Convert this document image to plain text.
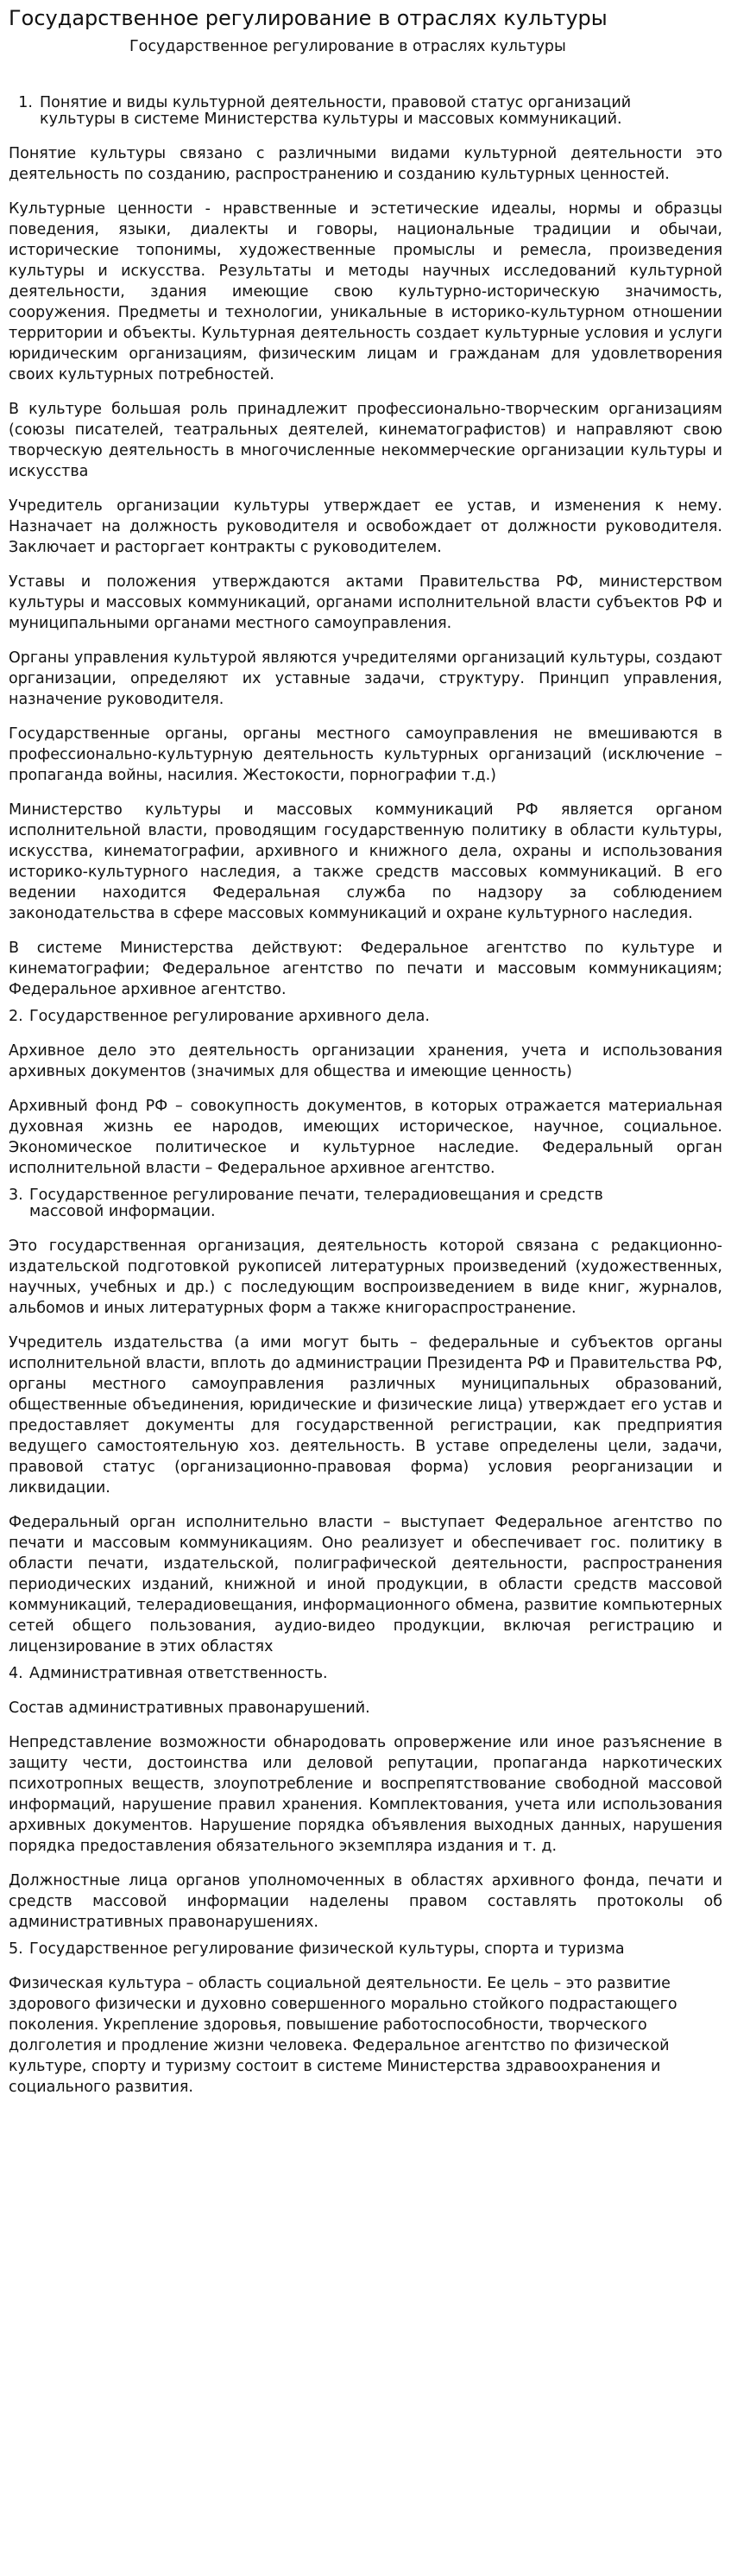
Государственное регулирование в отраслях культуры
Государственное регулирование в отраслях культуры
1. Понятие и виды культурной деятельности, правовой статус организаций культуры в системе Министерства культуры и массовых коммуникаций.

Понятие культуры связано с различными видами культурной деятельности это деятельность по созданию, распространению и созданию культурных ценностей.

Культурные ценности - нравственные и эстетические идеалы, нормы и образцы поведения, языки, диалекты и говоры, национальные традиции и обычаи, исторические топонимы, художественные промыслы и ремесла, произведения культуры и искусства. Результаты и методы научных исследований культурной деятельности, здания имеющие свою культурно-историческую значимость, сооружения. Предметы и технологии, уникальные в историко-культурном отношении территории и объекты. Культурная деятельность создает культурные условия и услуги юридическим организациям, физическим лицам и гражданам для удовлетворения своих культурных потребностей.

В культуре большая роль принадлежит профессионально-творческим организациям (союзы писателей, театральных деятелей, кинематографистов) и направляют свою творческую деятельность в многочисленные некоммерческие организации культуры и искусства

Учредитель организации культуры утверждает ее устав, и изменения к нему. Назначает на должность руководителя и освобождает от должности руководителя. Заключает и расторгает контракты с руководителем.

Уставы и положения утверждаются актами Правительства РФ, министерством культуры и массовых коммуникаций, органами исполнительной власти субъектов РФ и муниципальными органами местного самоуправления.

Органы управления культурой являются учредителями организаций культуры, создают организации, определяют их уставные задачи, структуру. Принцип управления, назначение руководителя.

Государственные органы, органы местного самоуправления не вмешиваются в профессионально-культурную деятельность культурных организаций (исключение – пропаганда войны, насилия. Жестокости, порнографии т.д.)

Министерство культуры и массовых коммуникаций РФ является органом исполнительной власти, проводящим государственную политику в области культуры, искусства, кинематографии, архивного и книжного дела, охраны и использования историко-культурного наследия, а также средств массовых коммуникаций. В его ведении находится Федеральная служба по надзору за соблюдением законодательства в сфере массовых коммуникаций и охране культурного наследия.

В системе Министерства действуют: Федеральное агентство по культуре и кинематографии; Федеральное агентство по печати и массовым коммуникациям; Федеральное архивное агентство.

2. Государственное регулирование архивного дела.

Архивное дело это деятельность организации хранения, учета и использования архивных документов (значимых для общества и имеющие ценность)

Архивный фонд РФ – совокупность документов, в которых отражается материальная духовная жизнь ее народов, имеющих историческое, научное, социальное. Экономическое политическое и культурное наследие. Федеральный орган исполнительной власти – Федеральное архивное агентство.

3. Государственное регулирование печати, телерадиовещания и средств массовой информации.

Это государственная организация, деятельность которой связана с редакционно-издательской подготовкой рукописей литературных произведений (художественных, научных, учебных и др.) с последующим воспроизведением в виде книг, журналов, альбомов и иных литературных форм а также книгораспространение.

Учредитель издательства (а ими могут быть – федеральные и субъектов органы исполнительной власти, вплоть до администрации Президента РФ и Правительства РФ, органы местного самоуправления различных муниципальных образований, общественные объединения, юридические и физические лица) утверждает его устав и предоставляет документы для государственной регистрации, как предприятия ведущего самостоятельную хоз. деятельность. В уставе определены цели, задачи, правовой статус (организационно-правовая форма) условия реорганизации и ликвидации.

Федеральный орган исполнительно власти – выступает Федеральное агентство по печати и массовым коммуникациям. Оно реализует и обеспечивает гос. политику в области печати, издательской, полиграфической деятельности, распространения периодических изданий, книжной и иной продукции, в области средств массовой коммуникаций, телерадиовещания, информационного обмена, развитие компьютерных сетей общего пользования, аудио-видео продукции, включая регистрацию и лицензирование в этих областях

4. Административная ответственность.

Состав административных правонарушений.

Непредставление возможности обнародовать опровержение или иное разъяснение в защиту чести, достоинства или деловой репутации, пропаганда наркотических психотропных веществ, злоупотребление и воспрепятствование свободной массовой информаций, нарушение правил хранения. Комплектования, учета или использования архивных документов. Нарушение порядка объявления выходных данных, нарушения порядка предоставления обязательного экземпляра издания и т. д.

Должностные лица органов уполномоченных в областях архивного фонда, печати и средств массовой информации наделены правом составлять протоколы об административных правонарушениях.

5. Государственное регулирование физической культуры, спорта и туризма

Физическая культура – область социальной деятельности. Ее цель – это развитие здорового физически и духовно совершенного морально стойкого подрастающего поколения. Укрепление здоровья, повышение работоспособности, творческого долголетия и продление жизни человека. Федеральное агентство по физической культуре, спорту и туризму состоит в системе Министерства здравоохранения и социального развития.
